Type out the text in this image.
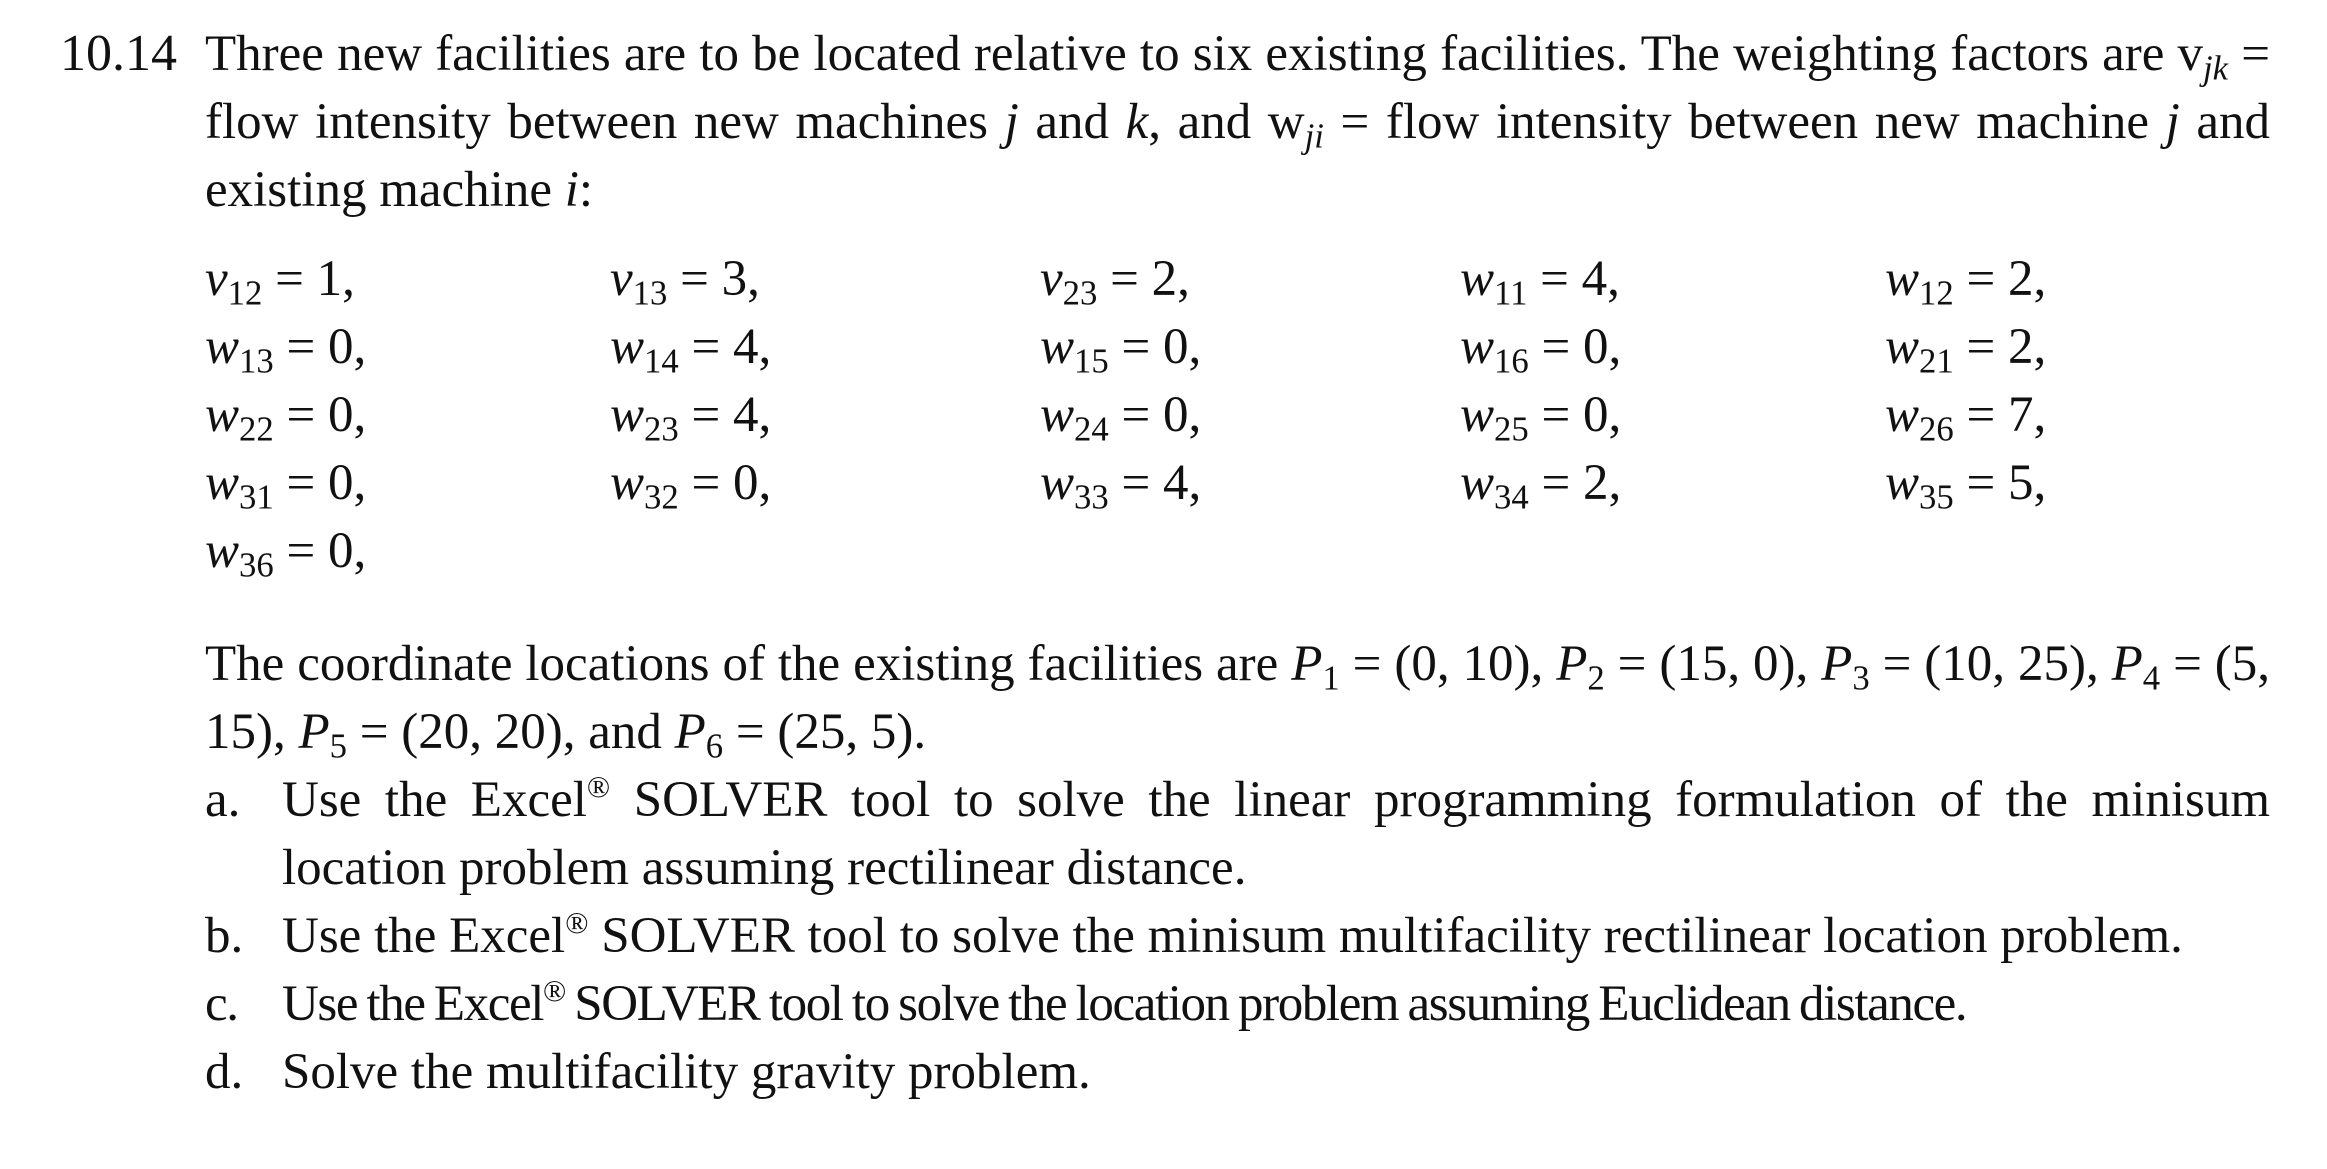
10.14 Three new facilities are to be located relative to six existing facilities. The weighting factors are $v_{jk}$ = flow intensity between new machines j and k, and $w_{ji}$ = flow intensity between new machine j and existing machine i:
$v_{12} = 1$,	$v_{13} = 3$,	$v_{23} = 2$,	$w_{11} = 4$,	$w_{12} = 2$,
$w_{13} = 0$,	$w_{14} = 4$,	$w_{15} = 0$,	$w_{16} = 0$,	$w_{21} = 2$,
$w_{22} = 0$,	$w_{23} = 4$,	$w_{24} = 0$,	$w_{25} = 0$,	$w_{26} = 7$,
$w_{31} = 0$,	$w_{32} = 0$,	$w_{33} = 4$,	$w_{34} = 2$,	$w_{35} = 5$,
$w_{36} = 0$,
The coordinate locations of the existing facilities are $P_1 = (0$, 10), $P_2 = (15$, 0), $P_3 = (10$, 25), $P_4 = (5$, 15), $P_5 = (20$, 20), and $P_6 = (25$, 5).
a. Use the Excel® SOLVER tool to solve the linear programming formulation of the minisum location problem assuming rectilinear distance.
b. Use the Excel® SOLVER tool to solve the minisum multifacility rectilinear location problem.
c. Use the Excel® SOLVER tool to solve the location problem assuming Euclidean distance.
d. Solve the multifacility gravity problem.
